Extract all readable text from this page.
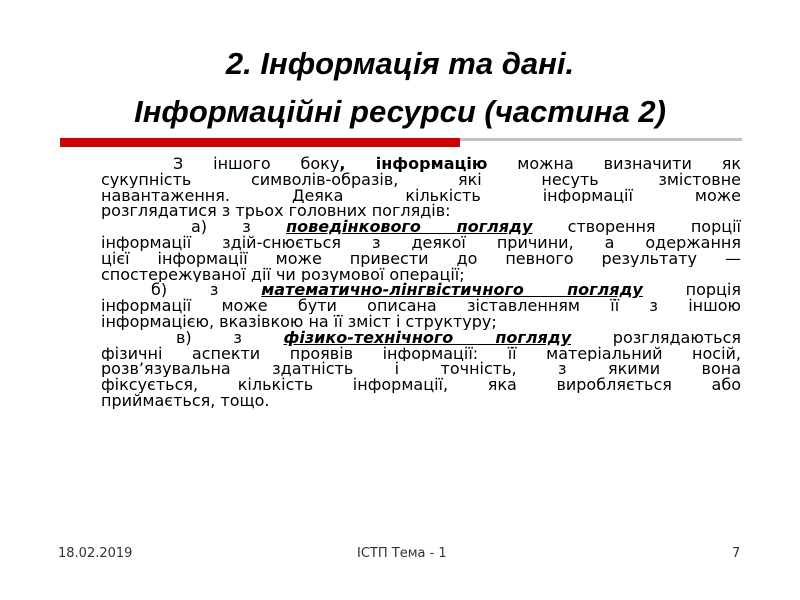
2. Інформація та дані.
Інформаційні ресурси (частина 2)
З іншого боку, інформацію можна визначити як
сукупність символів-образів, які несуть змістовне
навантаження. Деяка кількість інформації може
розглядатися з трьох головних поглядів:
а) з поведінкового погляду створення порції
інформації здій-снюється з деякої причини, а одержання
цієї інформації може привести до певного результату —
спостережуваної дії чи розумової операції;
б) з математично-лінгвістичного погляду порція
інформації може бути описана зіставленням її з іншою
інформацією, вказівкою на її зміст і структуру;
в) з фізико-технічного погляду розглядаються
фізичні аспекти проявів інформації: її матеріальний носій,
розв’язувальна здатність і точність, з якими вона
фіксується, кількість інформації, яка виробляється або
приймається, тощо.
18.02.2019	ІСТП Тема - 1	7
